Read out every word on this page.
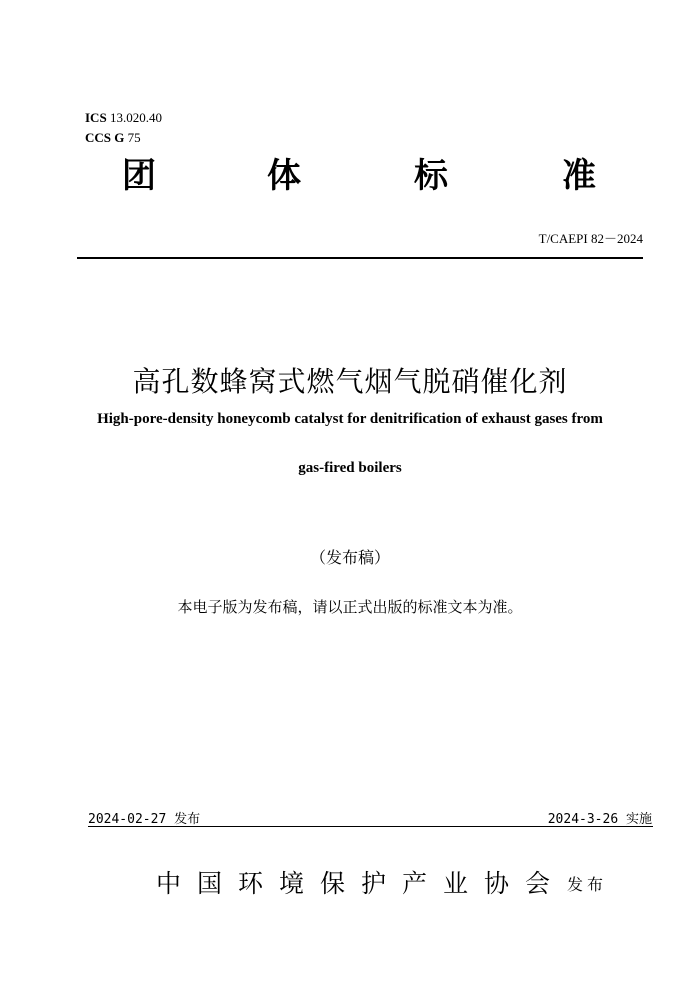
ICS 13.020.40
CCS G 75
团	体	标	准
T/CAEPI 82－2024
高孔数蜂窝式燃气烟气脱硝催化剂
High-pore-density honeycomb catalyst for denitrification of exhaust gases from
gas-fired boilers
（发布稿）
本电子版为发布稿，请以正式出版的标准文本为准。
2024-02-27 发布	2024-3-26 实施
中国环境保护产业协会 发布
